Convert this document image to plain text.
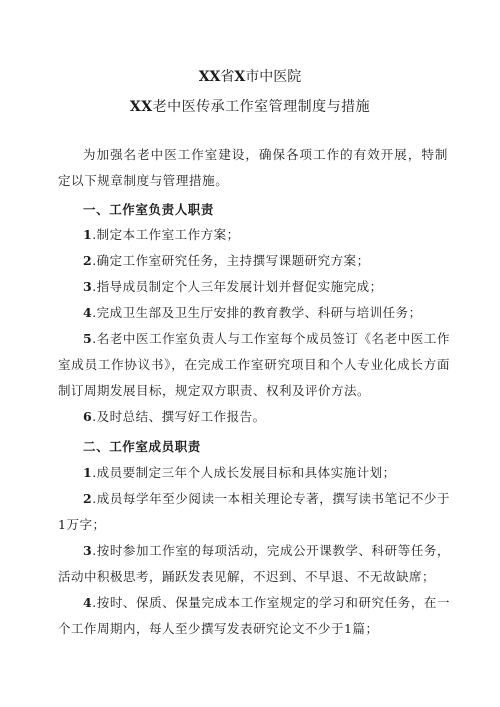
XX省X市中医院
XX老中医传承工作室管理制度与措施
为加强名老中医工作室建设，确保各项工作的有效开展，特制定以下规章制度与管理措施。
一、工作室负责人职责
1.制定本工作室工作方案；
2.确定工作室研究任务，主持撰写课题研究方案；
3.指导成员制定个人三年发展计划并督促实施完成；
4.完成卫生部及卫生厅安排的教育教学、科研与培训任务；
5.名老中医工作室负责人与工作室每个成员签订《名老中医工作室成员工作协议书》，在完成工作室研究项目和个人专业化成长方面制订周期发展目标，规定双方职责、权利及评价方法。
6.及时总结、撰写好工作报告。
二、工作室成员职责
1.成员要制定三年个人成长发展目标和具体实施计划；
2.成员每学年至少阅读一本相关理论专著，撰写读书笔记不少于1万字；
3.按时参加工作室的每项活动，完成公开课教学、科研等任务，活动中积极思考，踊跃发表见解，不迟到、不早退、不无故缺席；
4.按时、保质、保量完成本工作室规定的学习和研究任务，在一个工作周期内，每人至少撰写发表研究论文不少于1篇；
